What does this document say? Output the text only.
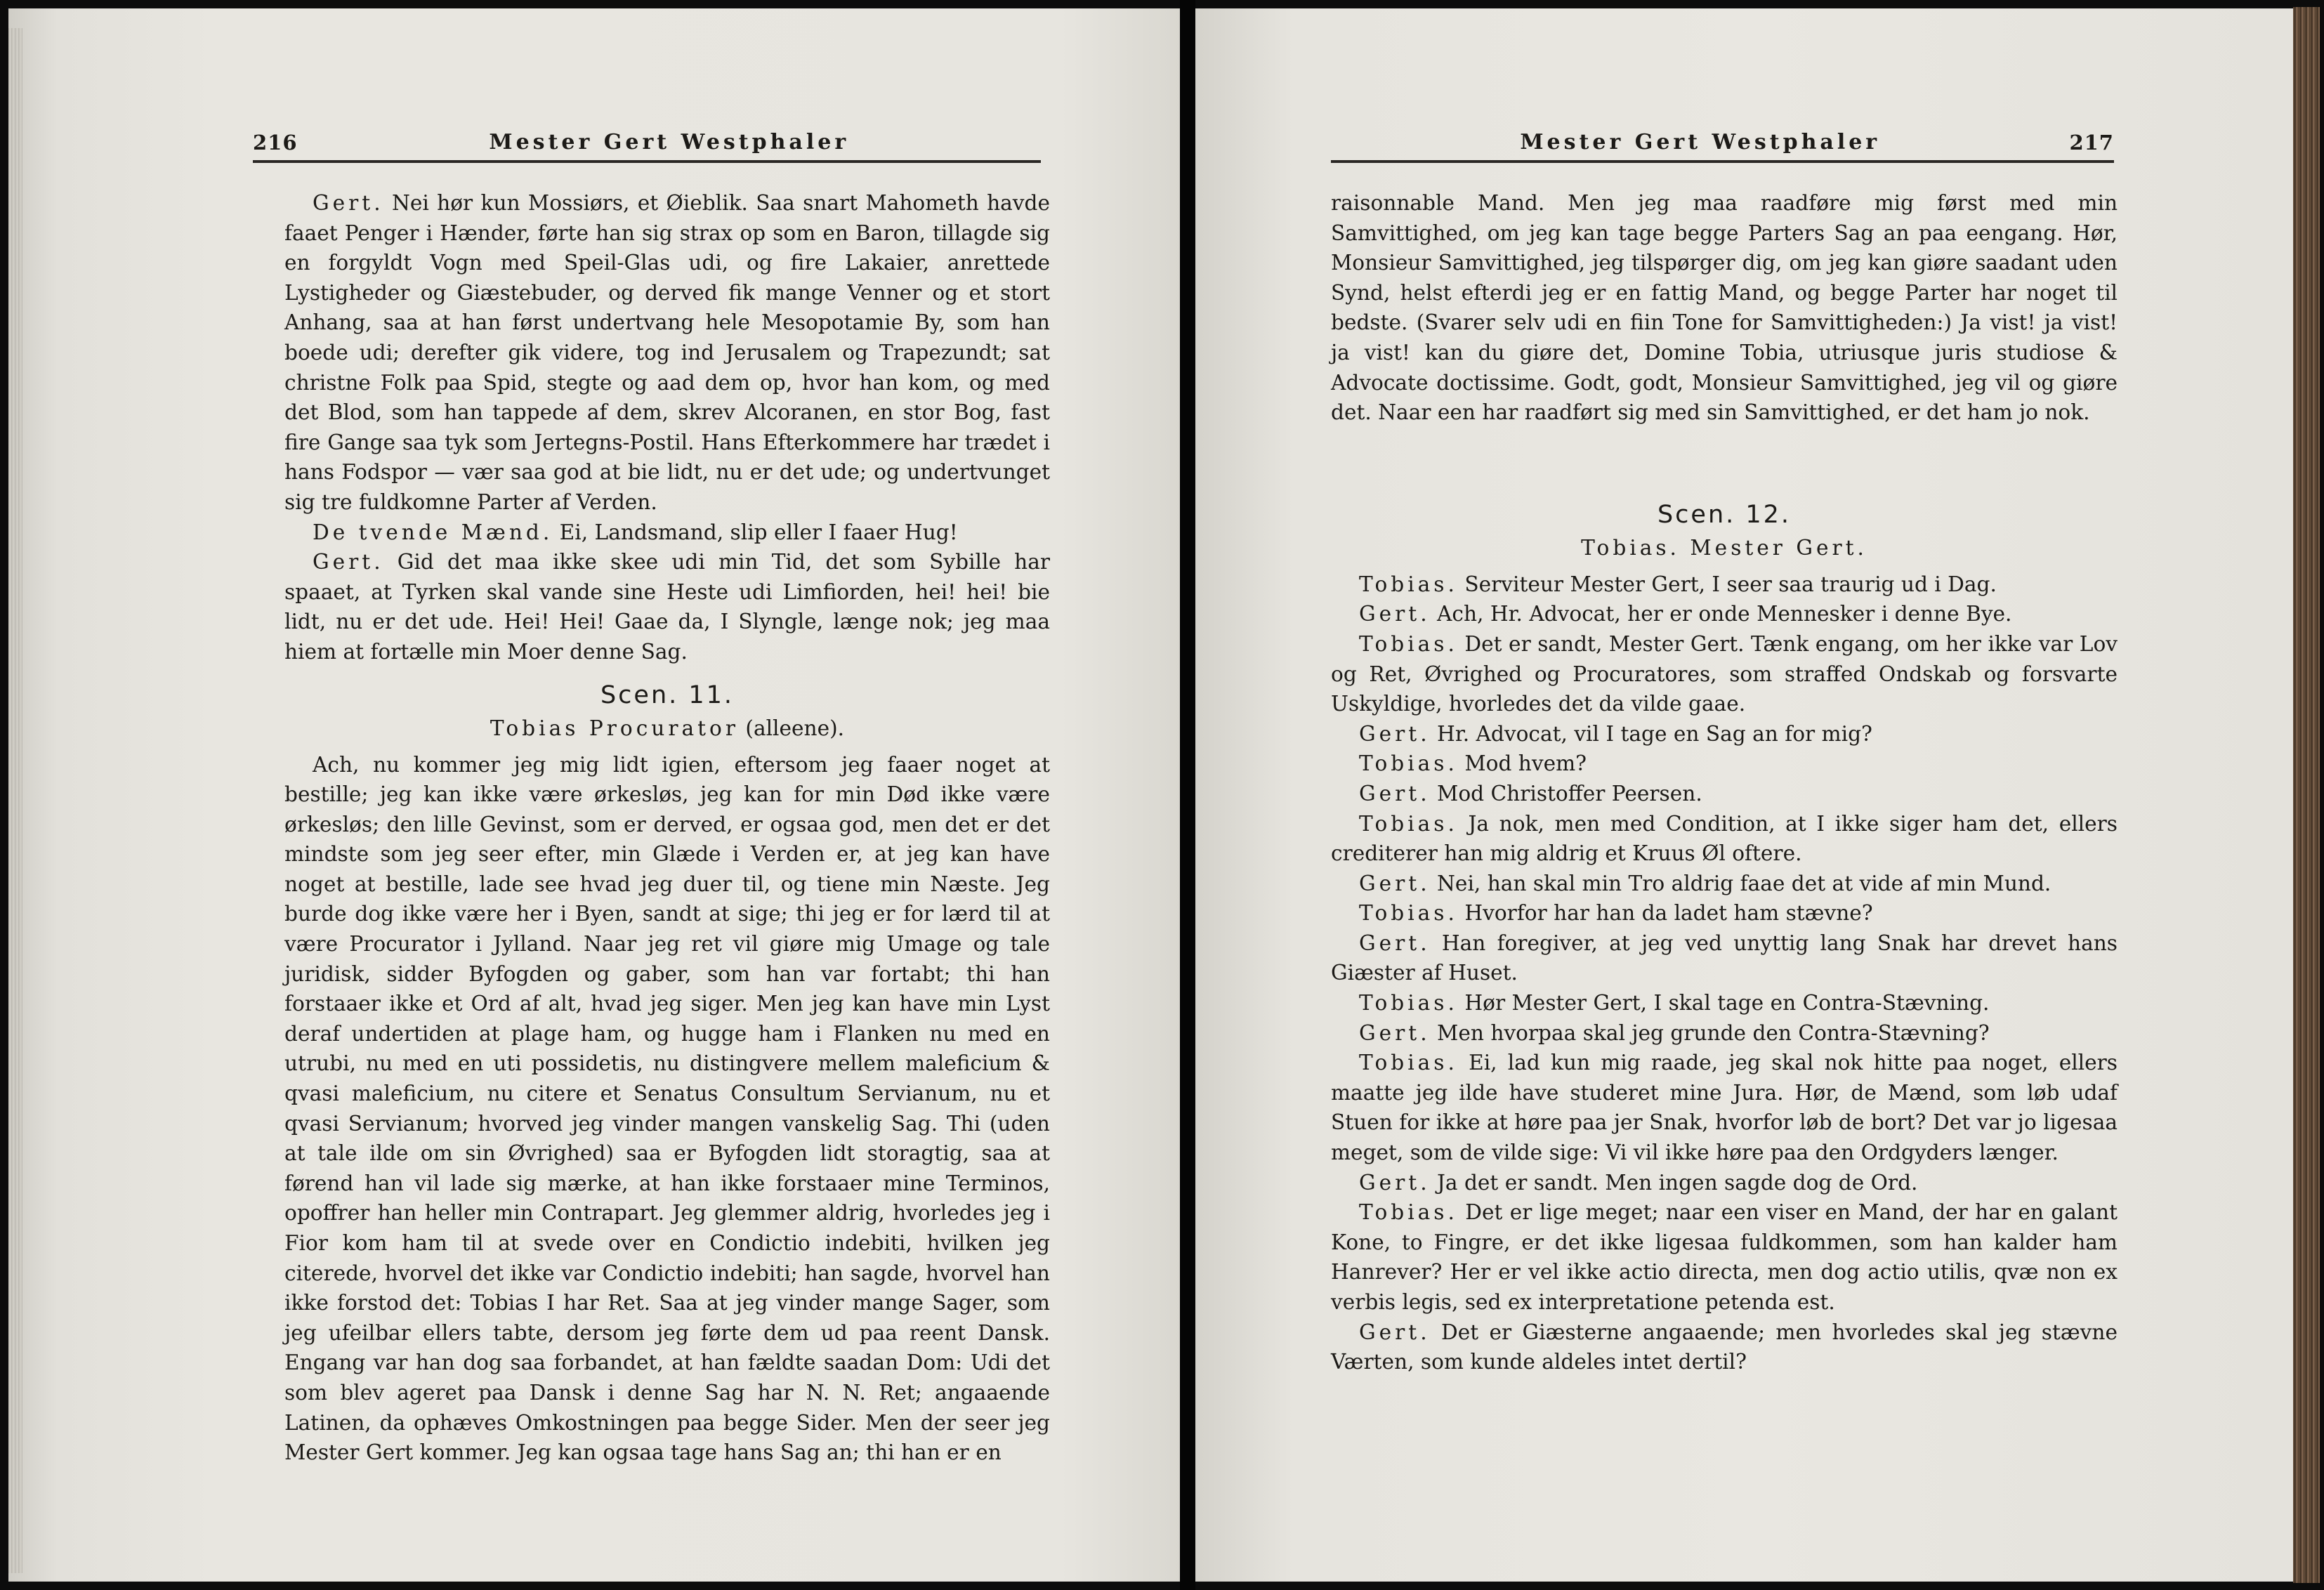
216	Mester Gert Westphaler

Gert. Nei hør kun Mossiørs, et Øieblik. Saa snart Mahometh havde faaet Penger i Hænder, førte han sig strax op som en Baron, tillagde sig en forgyldt Vogn med Speil-Glas udi, og fire Lakaier, anrettede Lystigheder og Giæstebuder, og derved fik mange Venner og et stort Anhang, saa at han først undertvang hele Mesopotamie By, som han boede udi; derefter gik videre, tog ind Jerusalem og Trapezundt; sat christne Folk paa Spid, stegte og aad dem op, hvor han kom, og med det Blod, som han tappede af dem, skrev Alcoranen, en stor Bog, fast fire Gange saa tyk som Jertegns-Postil. Hans Efterkommere har trædet i hans Fodspor — vær saa god at bie lidt, nu er det ude; og undertvunget sig tre fuldkomne Parter af Verden.

De tvende Mænd. Ei, Landsmand, slip eller I faaer Hug!

Gert. Gid det maa ikke skee udi min Tid, det som Sybille har spaaet, at Tyrken skal vande sine Heste udi Limfiorden, hei! hei! bie lidt, nu er det ude. Hei! Hei! Gaae da, I Slyngle, længe nok; jeg maa hiem at fortælle min Moer denne Sag.

Scen. 11.
Tobias Procurator (alleene).

Ach, nu kommer jeg mig lidt igien, eftersom jeg faaer noget at bestille; jeg kan ikke være ørkesløs, jeg kan for min Død ikke være ørkesløs; den lille Gevinst, som er derved, er ogsaa god, men det er det mindste som jeg seer efter, min Glæde i Verden er, at jeg kan have noget at bestille, lade see hvad jeg duer til, og tiene min Næste. Jeg burde dog ikke være her i Byen, sandt at sige; thi jeg er for lærd til at være Procurator i Jylland. Naar jeg ret vil giøre mig Umage og tale juridisk, sidder Byfogden og gaber, som han var fortabt; thi han forstaaer ikke et Ord af alt, hvad jeg siger. Men jeg kan have min Lyst deraf undertiden at plage ham, og hugge ham i Flanken nu med en utrubi, nu med en uti possidetis, nu distingvere mellem maleficium & qvasi maleficium, nu citere et Senatus Consultum Servianum, nu et qvasi Servianum; hvorved jeg vinder mangen vanskelig Sag. Thi (uden at tale ilde om sin Øvrighed) saa er Byfogden lidt storagtig, saa at førend han vil lade sig mærke, at han ikke forstaaer mine Terminos, opoffrer han heller min Contrapart. Jeg glemmer aldrig, hvorledes jeg i Fior kom ham til at svede over en Condictio indebiti, hvilken jeg citerede, hvorvel det ikke var Condictio indebiti; han sagde, hvorvel han ikke forstod det: Tobias I har Ret. Saa at jeg vinder mange Sager, som jeg ufeilbar ellers tabte, dersom jeg førte dem ud paa reent Dansk. Engang var han dog saa forbandet, at han fældte saadan Dom: Udi det som blev ageret paa Dansk i denne Sag har N. N. Ret; angaaende Latinen, da ophæves Omkostningen paa begge Sider. Men der seer jeg Mester Gert kommer. Jeg kan ogsaa tage hans Sag an; thi han er en

Mester Gert Westphaler	217

raisonnable Mand. Men jeg maa raadføre mig først med min Samvittighed, om jeg kan tage begge Parters Sag an paa eengang. Hør, Monsieur Samvittighed, jeg tilspørger dig, om jeg kan giøre saadant uden Synd, helst efterdi jeg er en fattig Mand, og begge Parter har noget til bedste. (Svarer selv udi en fiin Tone for Samvittigheden:) Ja vist! ja vist! ja vist! kan du giøre det, Domine Tobia, utriusque juris studiose & Advocate doctissime. Godt, godt, Monsieur Samvittighed, jeg vil og giøre det. Naar een har raadført sig med sin Samvittighed, er det ham jo nok.

Scen. 12.
Tobias. Mester Gert.

Tobias. Serviteur Mester Gert, I seer saa traurig ud i Dag.

Gert. Ach, Hr. Advocat, her er onde Mennesker i denne Bye.

Tobias. Det er sandt, Mester Gert. Tænk engang, om her ikke var Lov og Ret, Øvrighed og Procuratores, som straffed Ondskab og forsvarte Uskyldige, hvorledes det da vilde gaae.

Gert. Hr. Advocat, vil I tage en Sag an for mig?

Tobias. Mod hvem?

Gert. Mod Christoffer Peersen.

Tobias. Ja nok, men med Condition, at I ikke siger ham det, ellers crediterer han mig aldrig et Kruus Øl oftere.

Gert. Nei, han skal min Tro aldrig faae det at vide af min Mund.

Tobias. Hvorfor har han da ladet ham stævne?

Gert. Han foregiver, at jeg ved unyttig lang Snak har drevet hans Giæster af Huset.

Tobias. Hør Mester Gert, I skal tage en Contra-Stævning.

Gert. Men hvorpaa skal jeg grunde den Contra-Stævning?

Tobias. Ei, lad kun mig raade, jeg skal nok hitte paa noget, ellers maatte jeg ilde have studeret mine Jura. Hør, de Mænd, som løb udaf Stuen for ikke at høre paa jer Snak, hvorfor løb de bort? Det var jo ligesaa meget, som de vilde sige: Vi vil ikke høre paa den Ordgyders længer.

Gert. Ja det er sandt. Men ingen sagde dog de Ord.

Tobias. Det er lige meget; naar een viser en Mand, der har en galant Kone, to Fingre, er det ikke ligesaa fuldkommen, som han kalder ham Hanrever? Her er vel ikke actio directa, men dog actio utilis, qvæ non ex verbis legis, sed ex interpretatione petenda est.

Gert. Det er Giæsterne angaaende; men hvorledes skal jeg stævne Værten, som kunde aldeles intet dertil?
